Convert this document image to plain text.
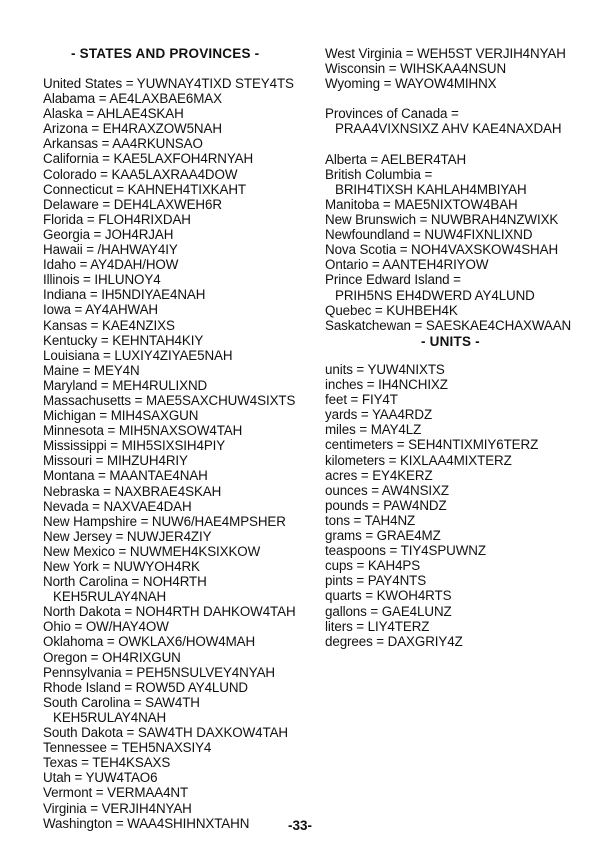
- STATES AND PROVINCES -
United States = YUWNAY4TIXD STEY4TS
Alabama = AE4LAXBAE6MAX
Alaska = AHLAE4SKAH
Arizona = EH4RAXZOW5NAH
Arkansas = AA4RKUNSAO
California = KAE5LAXFOH4RNYAH
Colorado = KAA5LAXRAA4DOW
Connecticut = KAHNEH4TIXKAHT
Delaware = DEH4LAXWEH6R
Florida = FLOH4RIXDAH
Georgia = JOH4RJAH
Hawaii = /HAHWAY4IY
Idaho = AY4DAH/HOW
Illinois = IHLUNOY4
Indiana = IH5NDIYAE4NAH
Iowa = AY4AHWAH
Kansas = KAE4NZIXS
Kentucky = KEHNTAH4KIY
Louisiana = LUXIY4ZIYAE5NAH
Maine = MEY4N
Maryland = MEH4RULIXND
Massachusetts = MAE5SAXCHUW4SIXTS
Michigan = MIH4SAXGUN
Minnesota = MIH5NAXSOW4TAH
Mississippi = MIH5SIXSIH4PIY
Missouri = MIHZUH4RIY
Montana = MAANTAE4NAH
Nebraska = NAXBRAE4SKAH
Nevada = NAXVAE4DAH
New Hampshire = NUW6/HAE4MPSHER
New Jersey = NUWJER4ZIY
New Mexico = NUWMEH4KSIXKOW
New York = NUWYOH4RK
North Carolina = NOH4RTH
KEH5RULAY4NAH
North Dakota = NOH4RTH DAHKOW4TAH
Ohio = OW/HAY4OW
Oklahoma = OWKLAX6/HOW4MAH
Oregon = OH4RIXGUN
Pennsylvania = PEH5NSULVEY4NYAH
Rhode Island = ROW5D AY4LUND
South Carolina = SAW4TH
KEH5RULAY4NAH
South Dakota = SAW4TH DAXKOW4TAH
Tennessee = TEH5NAXSIY4
Texas = TEH4KSAXS
Utah = YUW4TAO6
Vermont = VERMAA4NT
Virginia = VERJIH4NYAH
Washington = WAA4SHIHNXTAHN
West Virginia = WEH5ST VERJIH4NYAH
Wisconsin = WIHSKAA4NSUN
Wyoming = WAYOW4MIHNX
Provinces of Canada =
PRAA4VIXNSIXZ AHV KAE4NAXDAH
Alberta = AELBER4TAH
British Columbia =
BRIH4TIXSH KAHLAH4MBIYAH
Manitoba = MAE5NIXTOW4BAH
New Brunswich = NUWBRAH4NZWIXK
Newfoundland = NUW4FIXNLIXND
Nova Scotia = NOH4VAXSKOW4SHAH
Ontario = AANTEH4RIYOW
Prince Edward Island =
PRIH5NS EH4DWERD AY4LUND
Quebec = KUHBEH4K
Saskatchewan = SAESKAE4CHAXWAAN
- UNITS -
units = YUW4NIXTS
inches = IH4NCHIXZ
feet = FIY4T
yards = YAA4RDZ
miles = MAY4LZ
centimeters = SEH4NTIXMIY6TERZ
kilometers = KIXLAA4MIXTERZ
acres = EY4KERZ
ounces = AW4NSIXZ
pounds = PAW4NDZ
tons = TAH4NZ
grams = GRAE4MZ
teaspoons = TIY4SPUWNZ
cups = KAH4PS
pints = PAY4NTS
quarts = KWOH4RTS
gallons = GAE4LUNZ
liters = LIY4TERZ
degrees = DAXGRIY4Z
-33-
